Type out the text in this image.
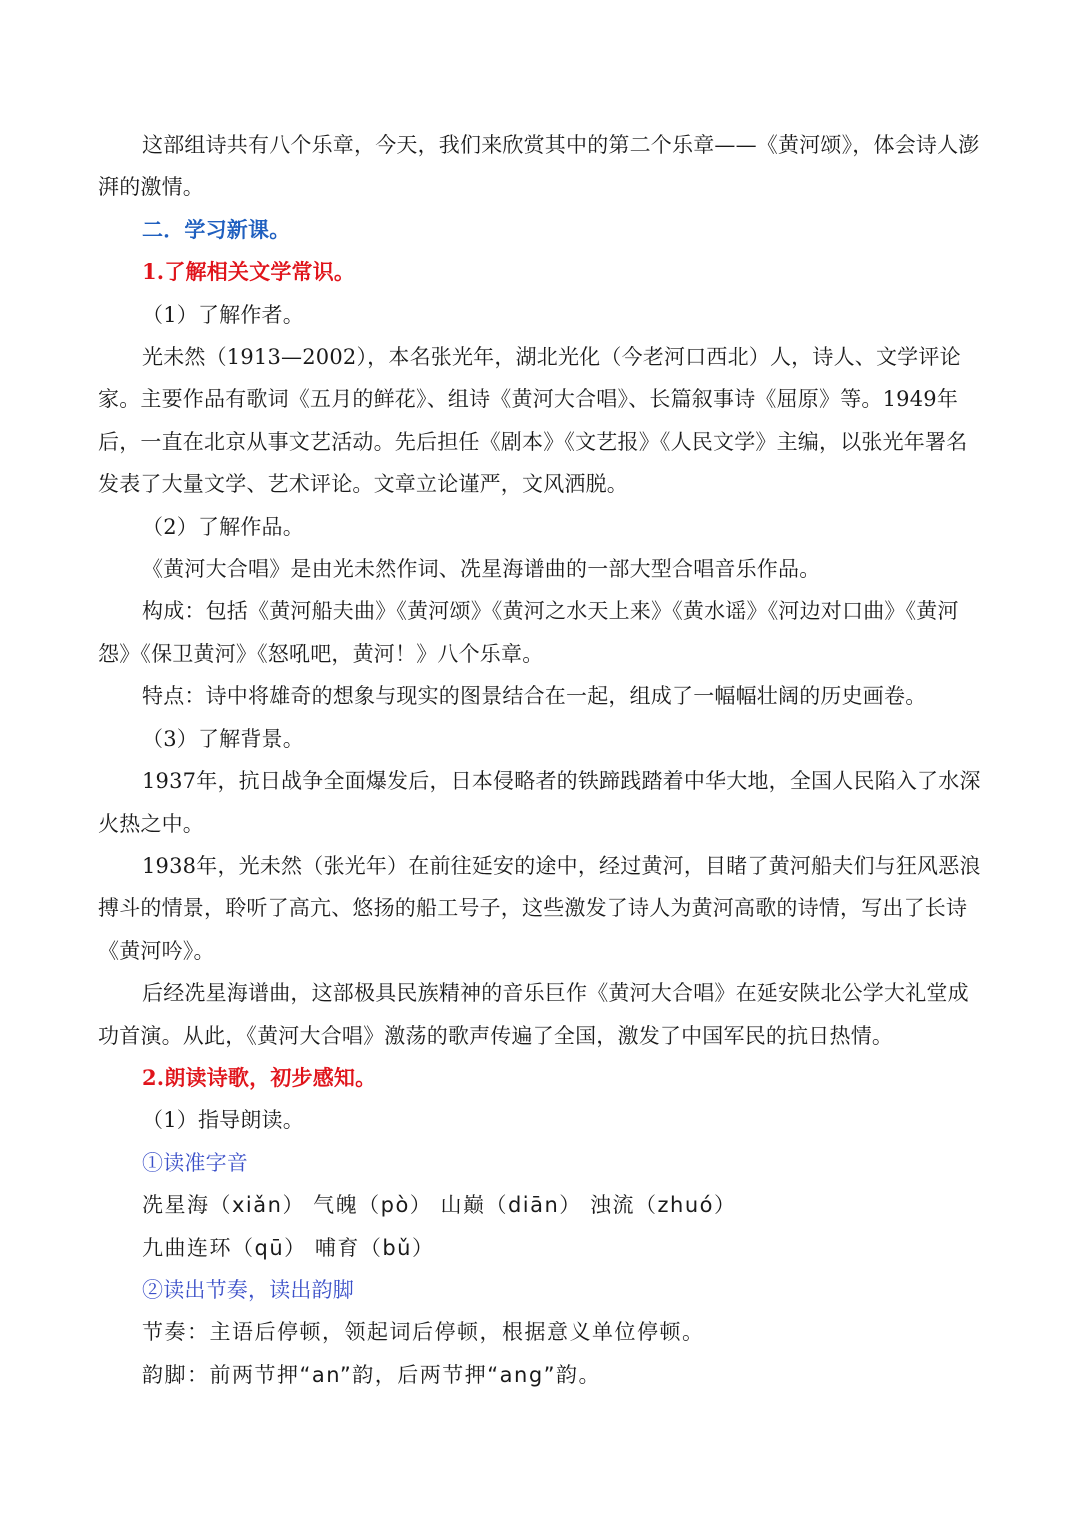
这部组诗共有八个乐章，今天，我们来欣赏其中的第二个乐章——《黄河颂》，体会诗人澎湃的激情。

二．学习新课。

1.了解相关文学常识。

（1）了解作者。

光未然（1913—2002），本名张光年，湖北光化（今老河口西北）人，诗人、文学评论家。主要作品有歌词《五月的鲜花》、组诗《黄河大合唱》、长篇叙事诗《屈原》等。1949年后，一直在北京从事文艺活动。先后担任《剧本》《文艺报》《人民文学》主编，以张光年署名发表了大量文学、艺术评论。文章立论谨严，文风洒脱。

（2）了解作品。

《黄河大合唱》是由光未然作词、冼星海谱曲的一部大型合唱音乐作品。

构成：包括《黄河船夫曲》《黄河颂》《黄河之水天上来》《黄水谣》《河边对口曲》《黄河怨》《保卫黄河》《怒吼吧，黄河！》八个乐章。

特点：诗中将雄奇的想象与现实的图景结合在一起，组成了一幅幅壮阔的历史画卷。

（3）了解背景。

1937年，抗日战争全面爆发后，日本侵略者的铁蹄践踏着中华大地，全国人民陷入了水深火热之中。

1938年，光未然（张光年）在前往延安的途中，经过黄河，目睹了黄河船夫们与狂风恶浪搏斗的情景，聆听了高亢、悠扬的船工号子，这些激发了诗人为黄河高歌的诗情，写出了长诗《黄河吟》。

后经冼星海谱曲，这部极具民族精神的音乐巨作《黄河大合唱》在延安陕北公学大礼堂成功首演。从此，《黄河大合唱》激荡的歌声传遍了全国，激发了中国军民的抗日热情。

2.朗读诗歌，初步感知。

（1）指导朗读。

①读准字音

冼星海（xiǎn） 气魄（pò） 山巅（diān） 浊流（zhuó）

九曲连环（qū） 哺育（bǔ）

②读出节奏，读出韵脚

节奏：主语后停顿，领起词后停顿，根据意义单位停顿。

韵脚：前两节押“an”韵，后两节押“ang”韵。
